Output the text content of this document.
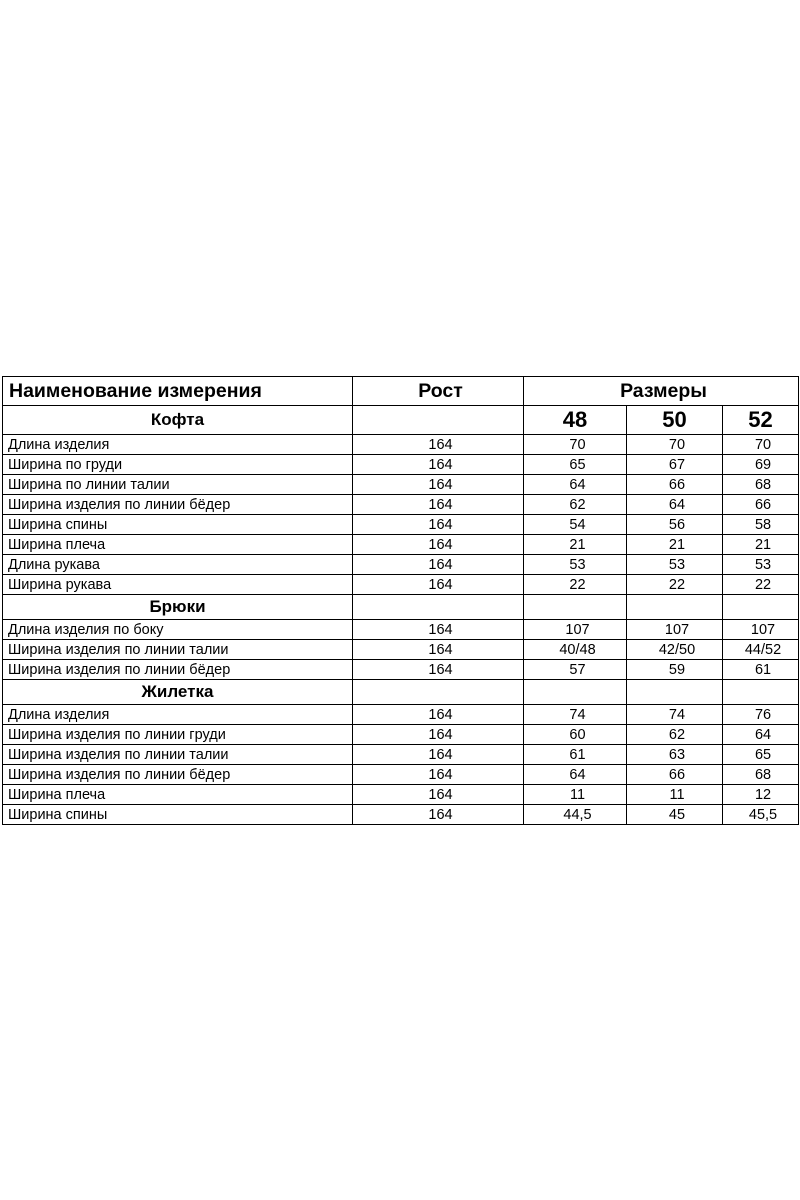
Наименование измерения	Рост	Размеры		
Кофта		48	50	52
Длина изделия	164	70	70	70
Ширина по груди	164	65	67	69
Ширина по линии талии	164	64	66	68
Ширина изделия по линии бёдер	164	62	64	66
Ширина спины	164	54	56	58
Ширина плеча	164	21	21	21
Длина рукава	164	53	53	53
Ширина рукава	164	22	22	22
Брюки				
Длина изделия по боку	164	107	107	107
Ширина изделия по линии талии	164	40/48	42/50	44/52
Ширина изделия по линии бёдер	164	57	59	61
Жилетка				
Длина изделия	164	74	74	76
Ширина изделия по линии груди	164	60	62	64
Ширина изделия по линии талии	164	61	63	65
Ширина изделия по линии бёдер	164	64	66	68
Ширина плеча	164	11	11	12
Ширина спины	164	44,5	45	45,5
